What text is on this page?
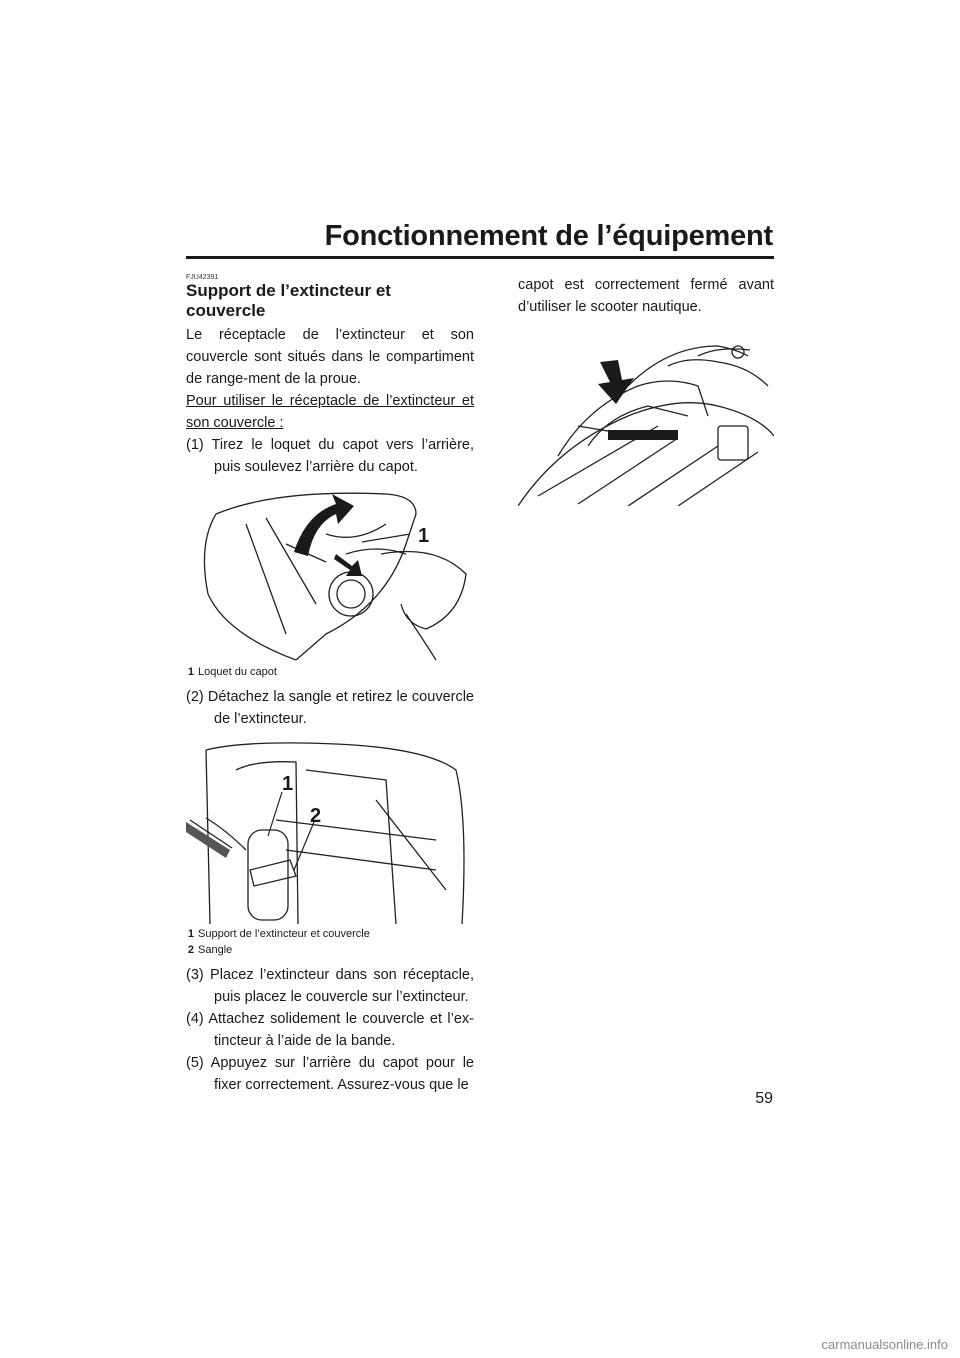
Fonctionnement de l’équipement
FJU42391
Support de l’extincteur et couvercle

Le réceptacle de l’extincteur et son couvercle sont situés dans le compartiment de range-ment de la proue.

Pour utiliser le réceptacle de l’extincteur et son couvercle :

(1) Tirez le loquet du capot vers l’arrière, puis soulevez l’arrière du capot.
1
1 Loquet du capot
(2) Détachez la sangle et retirez le couvercle de l’extincteur.
1
2
1 Support de l’extincteur et couvercle
2 Sangle
(3) Placez l’extincteur dans son réceptacle, puis placez le couvercle sur l’extincteur.
(4) Attachez solidement le couvercle et l’ex-tincteur à l’aide de la bande.
(5) Appuyez sur l’arrière du capot pour le fixer correctement. Assurez-vous que le

capot est correctement fermé avant d’utiliser le scooter nautique.

59
carmanualsonline.info
